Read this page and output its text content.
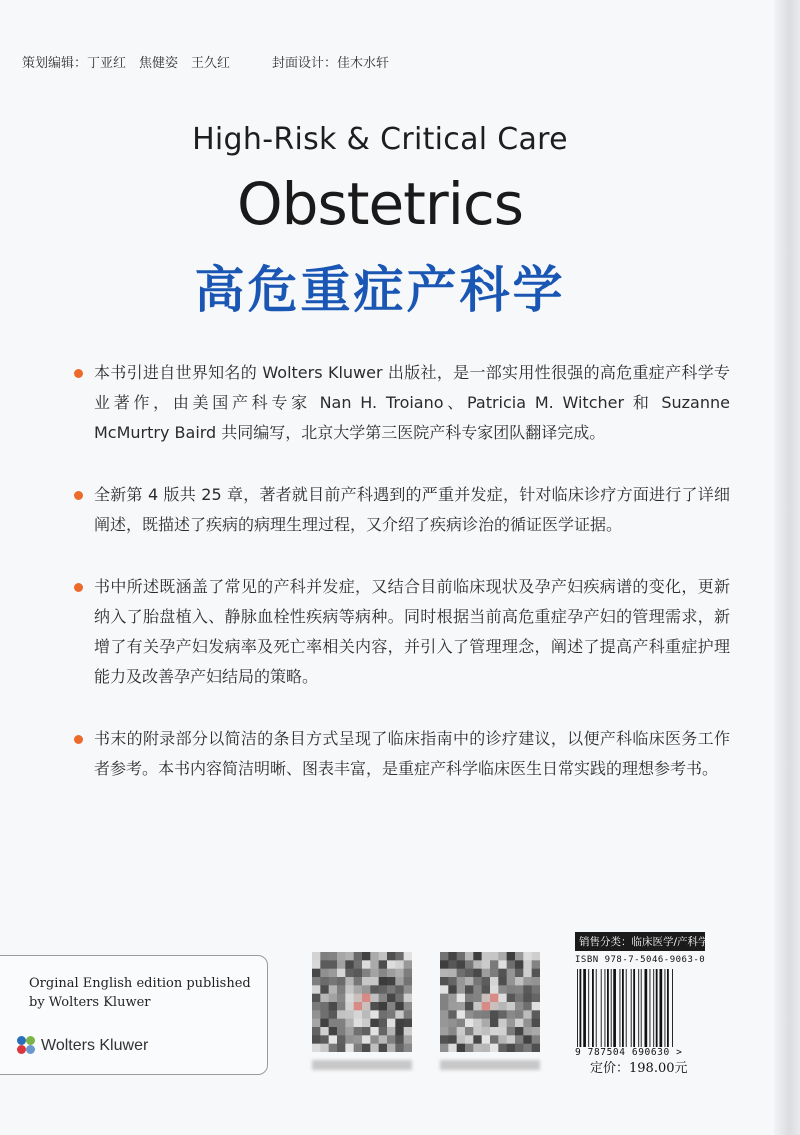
策划编辑：丁亚红　焦健姿　王久红	封面设计：佳木水轩
High-Risk & Critical Care
Obstetrics
高危重症产科学
本书引进自世界知名的 Wolters Kluwer 出版社，是一部实用性很强的高危重症产科学专业著作，由美国产科专家 Nan H. Troiano、Patricia M. Witcher 和 Suzanne McMurtry Baird 共同编写，北京大学第三医院产科专家团队翻译完成。
全新第 4 版共 25 章，著者就目前产科遇到的严重并发症，针对临床诊疗方面进行了详细阐述，既描述了疾病的病理生理过程，又介绍了疾病诊治的循证医学证据。
书中所述既涵盖了常见的产科并发症，又结合目前临床现状及孕产妇疾病谱的变化，更新纳入了胎盘植入、静脉血栓性疾病等病种。同时根据当前高危重症孕产妇的管理需求，新增了有关孕产妇发病率及死亡率相关内容，并引入了管理理念，阐述了提高产科重症护理能力及改善孕产妇结局的策略。
书末的附录部分以简洁的条目方式呈现了临床指南中的诊疗建议，以便产科临床医务工作者参考。本书内容简洁明晰、图表丰富，是重症产科学临床医生日常实践的理想参考书。
Orginal English edition published
by Wolters Kluwer
Wolters Kluwer
销售分类：临床医学/产科学
ISBN 978-7-5046-9063-0
9 787504 690630 >
定价：198.00元
